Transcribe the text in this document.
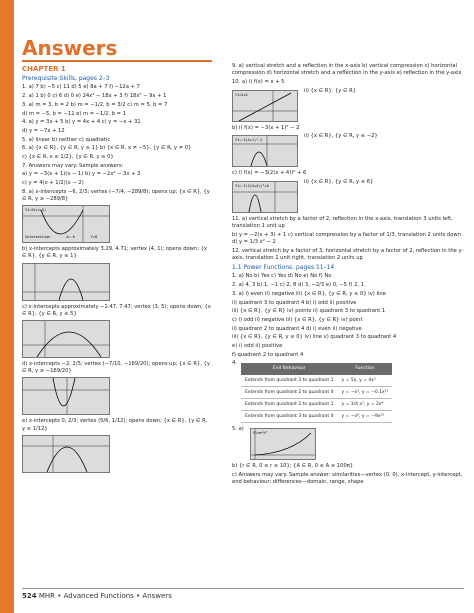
Answers
CHAPTER 1
Prerequisite Skills, pages 2–3
1. a) 7 b) −5 c) 11 d) 5 e) 8a + 7 f) −12a + 7
2. a) 1 b) 0 c) 6 d) 0 e) 24x² − 18x + 3 f) 18x² − 9x + 1
3. a) m = 3, b = 2 b) m = −1/2, b = 3/2 c) m = 5, b = 7
d) m = −5, b = −11 e) m = −1/2, b = 1
4. a) y = 3x + 5 b) y = 4x + 4 c) y = −x + 31
d) y = −7x + 12
5. a) linear b) neither c) quadratic
6. a) {x ∈ R}, {y ∈ R, y ≥ 1} b) {x ∈ R, x ≠ −5}, {y ∈ R, y ≠ 0}
c) {x ∈ R, x ≤ 1/2}, {y ∈ R, y ≥ 0}
7. Answers may vary. Sample answers:
a) y = −3(x + 1)(x − 1) b) y = −2x² − 3x + 3
c) y = 4(x + 1/2)(x − 2)
8. a) x-intercepts −6, 2/3; vertex (−7/4, −289/8); opens up; {x ∈ R}, {y ∈ R, y ≥ −289/8}
Y1=2x(x+5)
Intersection	X=-6	Y=0
b) x-intercepts approximately 3.29, 4.71; vertex (4, 1); opens down; {x ∈ R}, {y ∈ R, y ≤ 1}
c) x-intercepts approximately −1.47, 7.47; vertex (3, 5); opens down; {x ∈ R}, {y ∈ R, y ≤ 5}
d) x-intercepts −2, 2/5; vertex (−7/10, −169/20); opens up; {x ∈ R}, {y ∈ R, y ≥ −169/20}
e) x-intercepts 0, 2/3; vertex (5/6, 1/12); opens down; {x ∈ R}, {y ∈ R, y ≤ 1/12}
9. a) vertical stretch and a reflection in the x-axis b) vertical compression c) horizontal compression d) horizontal stretch and a reflection in the y-axis e) reflection in the y-axis
10. a) i) f(x) = x + 5
Y1=X+5
ii) {x ∈ R}, {y ∈ R}
b) i) f(x) = −3(x + 1)² − 2
Y1=-3(X+1)²-2
ii) {x ∈ R}, {y ∈ R, y ≤ −2}
c) i) f(x) = −3(2(x + 4))² + 6
Y1=-3(2(X+4))²+6
ii) {x ∈ R}, {y ∈ R, y ≤ 6}
11. a) vertical stretch by a factor of 2, reflection in the x-axis, translation 3 units left, translation 1 unit up
b) y = −2(x + 3) + 1 c) vertical compression by a factor of 1/3, translation 2 units down d) y = 1/3 x² − 2
12. vertical stretch by a factor of 3, horizontal stretch by a factor of 2, reflection in the y-axis, translation 1 unit right, translation 2 units up
1.1 Power Functions, pages 11–14
1. a) No b) Yes c) Yes d) No e) No f) No
2. a) 4, 3 b) 1, −1 c) 2, 8 d) 3, −2/3 e) 0, −5 f) 2, 1
3. a) i) even ii) negative iii) {x ∈ R}, {y ∈ R, y ≤ 0} iv) line
ii) quadrant 3 to quadrant 4 b) i) odd ii) positive
iii) {x ∈ R}, {y ∈ R} iv) points ii) quadrant 3 to quadrant 1
c) i) odd ii) negative iii) {x ∈ R}, {y ∈ R} iv) point
ii) quadrant 2 to quadrant 4 d) i) even ii) negative
iii) {x ∈ R}, {y ∈ R, y ≤ 0} iv) line v) quadrant 3 to quadrant 4
e) i) odd ii) positive
f) quadrant 2 to quadrant 4
4.
End Behaviour	Function
Extends from quadrant 3 to quadrant 1	y = 5x, y = 4x³
Extends from quadrant 2 to quadrant 4	y = −x³, y = −0.1x¹¹
Extends from quadrant 2 to quadrant 1	y = 3/4 x², y = 2x⁴
Extends from quadrant 3 to quadrant 4	y = −x⁶, y = −9x¹⁰
5. a)
Y1=π*X²
b) {r ∈ R, 0 ≤ r ≤ 10}; {A ∈ R, 0 ≤ A ≤ 100π}
c) Answers may vary. Sample answer: similarities—vertex (0, 0), x-intercept, y-intercept, end behaviour; differences—domain, range, shape
524 MHR • Advanced Functions • Answers
